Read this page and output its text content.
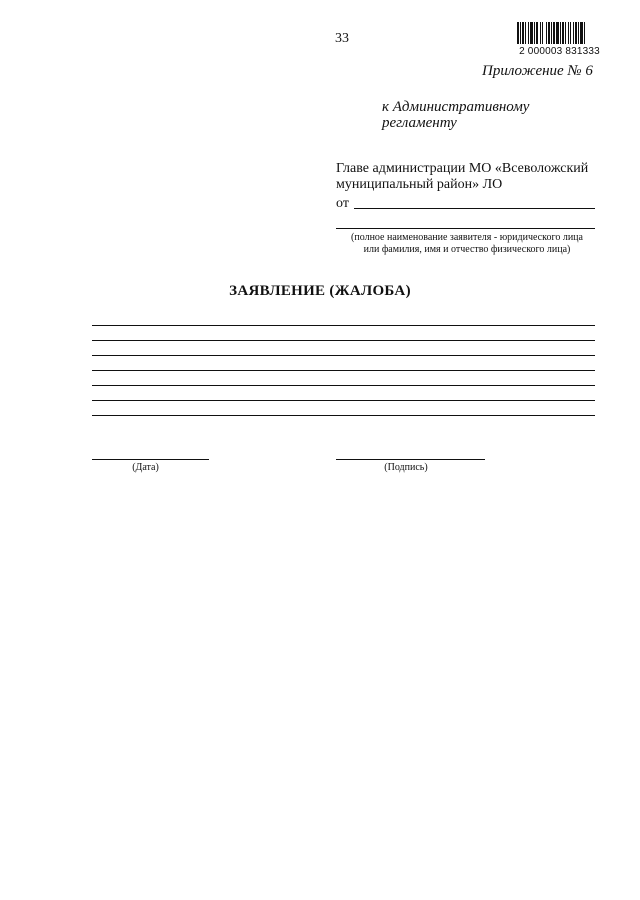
33
2 000003 831333
Приложение № 6
к Административному
регламенту
Главе администрации МО «Всеволожский
муниципальный район» ЛО
от
(полное наименование заявителя - юридического лица
или фамилия, имя и отчество физического лица)
ЗАЯВЛЕНИЕ (ЖАЛОБА)
(Дата)	(Подпись)
